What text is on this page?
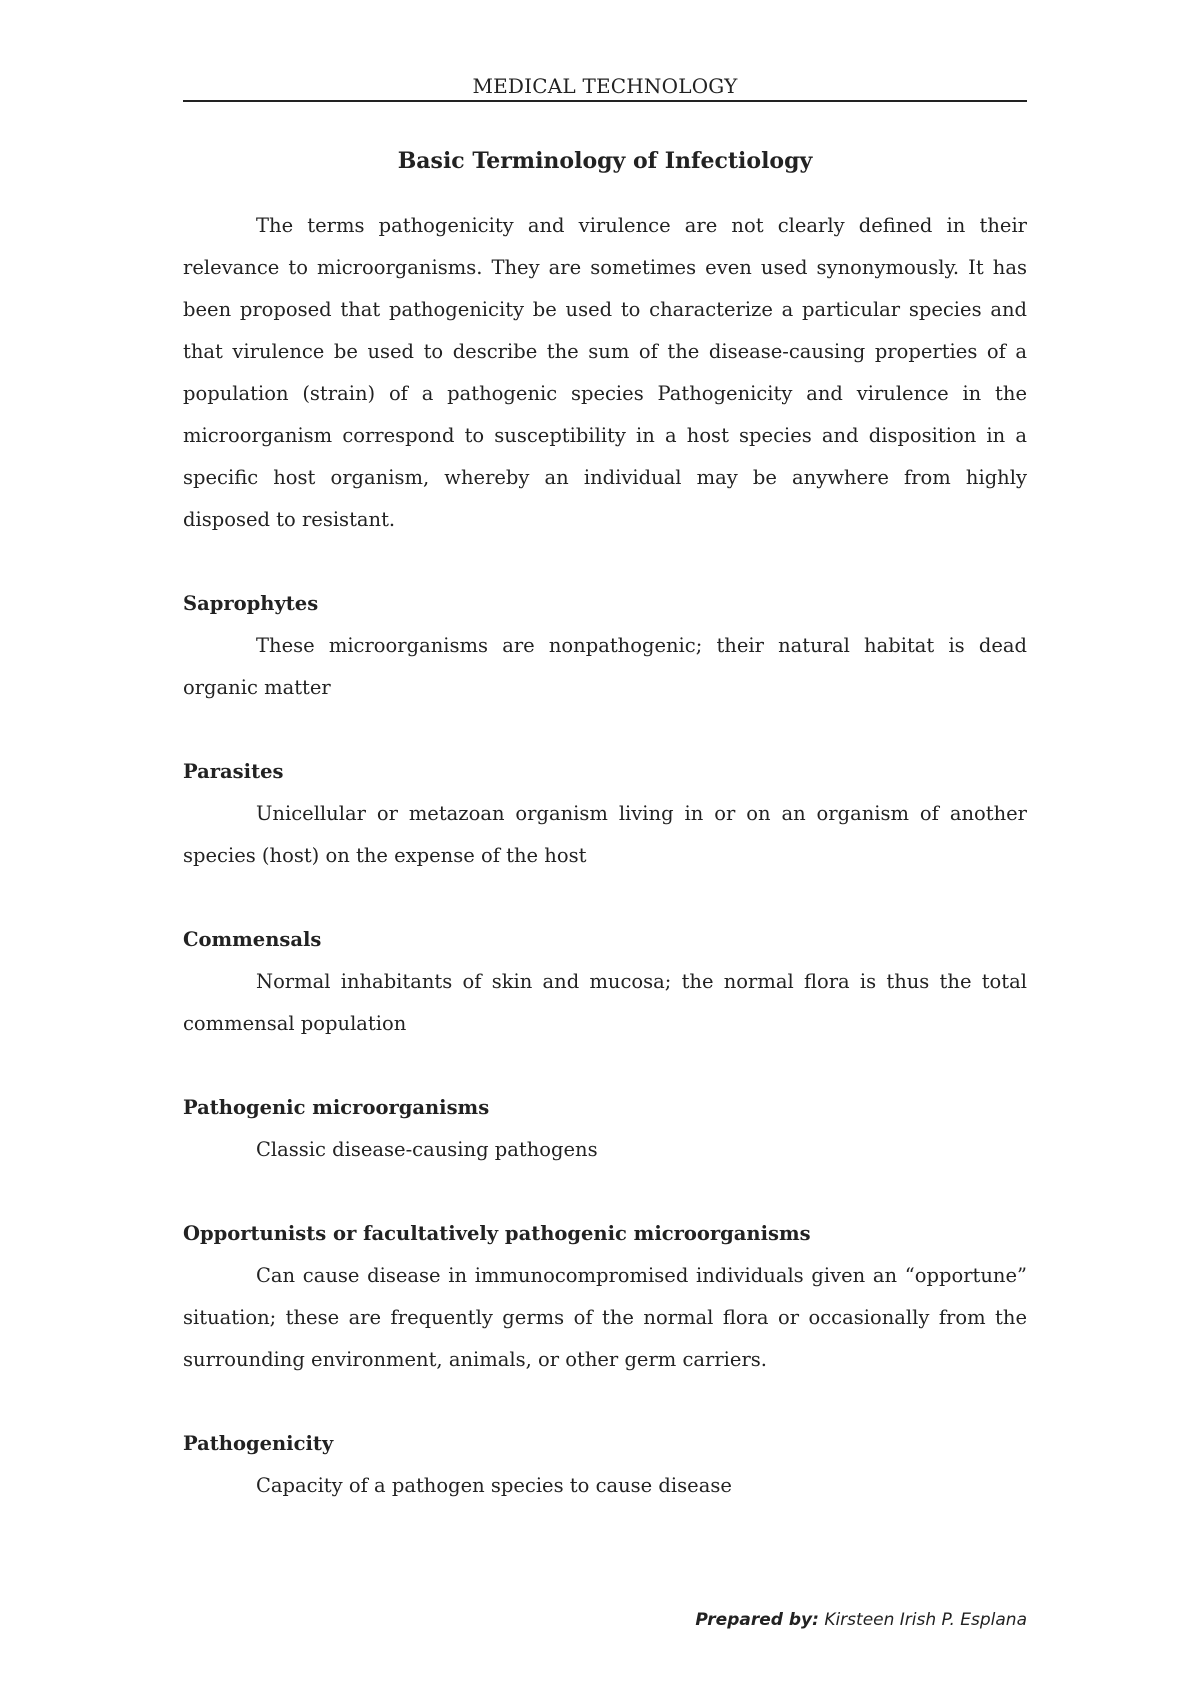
MEDICAL TECHNOLOGY
Basic Terminology of Infectiology

The terms pathogenicity and virulence are not clearly defined in their relevance to microorganisms. They are sometimes even used synonymously. It has been proposed that pathogenicity be used to characterize a particular species and that virulence be used to describe the sum of the disease-causing properties of a population (strain) of a pathogenic species Pathogenicity and virulence in the microorganism correspond to susceptibility in a host species and disposition in a specific host organism, whereby an individual may be anywhere from highly disposed to resistant.

Saprophytes

These microorganisms are nonpathogenic; their natural habitat is dead organic matter

Parasites

Unicellular or metazoan organism living in or on an organism of another species (host) on the expense of the host

Commensals

Normal inhabitants of skin and mucosa; the normal flora is thus the total commensal population

Pathogenic microorganisms

Classic disease-causing pathogens

Opportunists or facultatively pathogenic microorganisms

Can cause disease in immunocompromised individuals given an “opportune” situation; these are frequently germs of the normal flora or occasionally from the surrounding environment, animals, or other germ carriers.

Pathogenicity

Capacity of a pathogen species to cause disease

Prepared by: Kirsteen Irish P. Esplana
